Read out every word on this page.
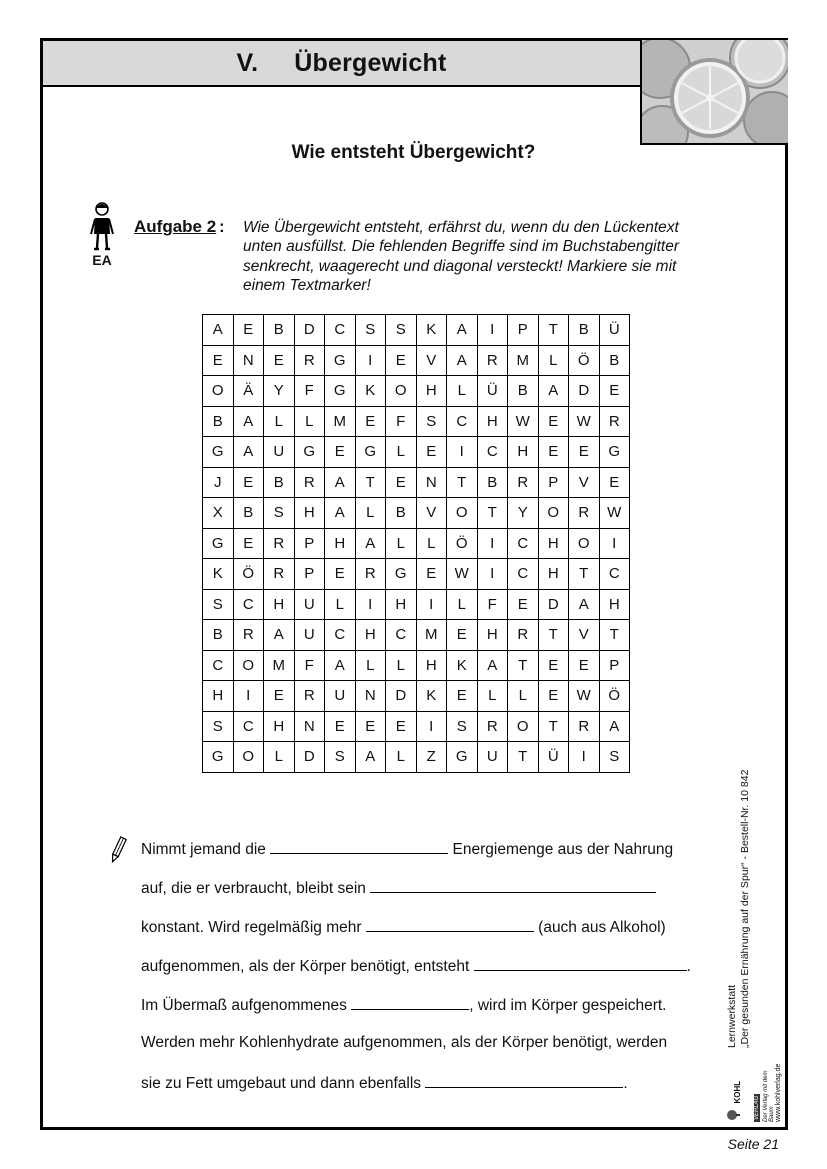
V. Übergewicht
Wie entsteht Übergewicht?
EA
Aufgabe 2 : Wie Übergewicht entsteht, erfährst du, wenn du den Lückentext
unten ausfüllst. Die fehlenden Begriffe sind im Buchstabengitter
senkrecht, waagerecht und diagonal versteckt! Markiere sie mit
einem Textmarker!
A	E	B	D	C	S	S	K	A	I	P	T	B	Ü
E	N	E	R	G	I	E	V	A	R	M	L	Ö	B
O	Ä	Y	F	G	K	O	H	L	Ü	B	A	D	E
B	A	L	L	M	E	F	S	C	H	W	E	W	R
G	A	U	G	E	G	L	E	I	C	H	E	E	G
J	E	B	R	A	T	E	N	T	B	R	P	V	E
X	B	S	H	A	L	B	V	O	T	Y	O	R	W
G	E	R	P	H	A	L	L	Ö	I	C	H	O	I
K	Ö	R	P	E	R	G	E	W	I	C	H	T	C
S	C	H	U	L	I	H	I	L	F	E	D	A	H
B	R	A	U	C	H	C	M	E	H	R	T	V	T
C	O	M	F	A	L	L	H	K	A	T	E	E	P
H	I	E	R	U	N	D	K	E	L	L	E	W	Ö
S	C	H	N	E	E	E	I	S	R	O	T	R	A
G	O	L	D	S	A	L	Z	G	U	T	Ü	I	S
Nimmt jemand die	Energiemenge aus der Nahrung
auf, die er verbraucht, bleibt sein
konstant. Wird regelmäßig mehr	(auch aus Alkohol)
aufgenommen, als der Körper benötigt, entsteht	.
Im Übermaß aufgenommenes	, wird im Körper gespeichert.
Werden mehr Kohlenhydrate aufgenommen, als der Körper benötigt, werden
sie zu Fett umgebaut und dann ebenfalls	.
Lernwerkstatt „Der gesunden Ernährung auf der Spur“ - Bestell-Nr. 10 842
KOHL VERLAG Der Verlag mit dem Baum www.kohlverlag.de
Seite 21
